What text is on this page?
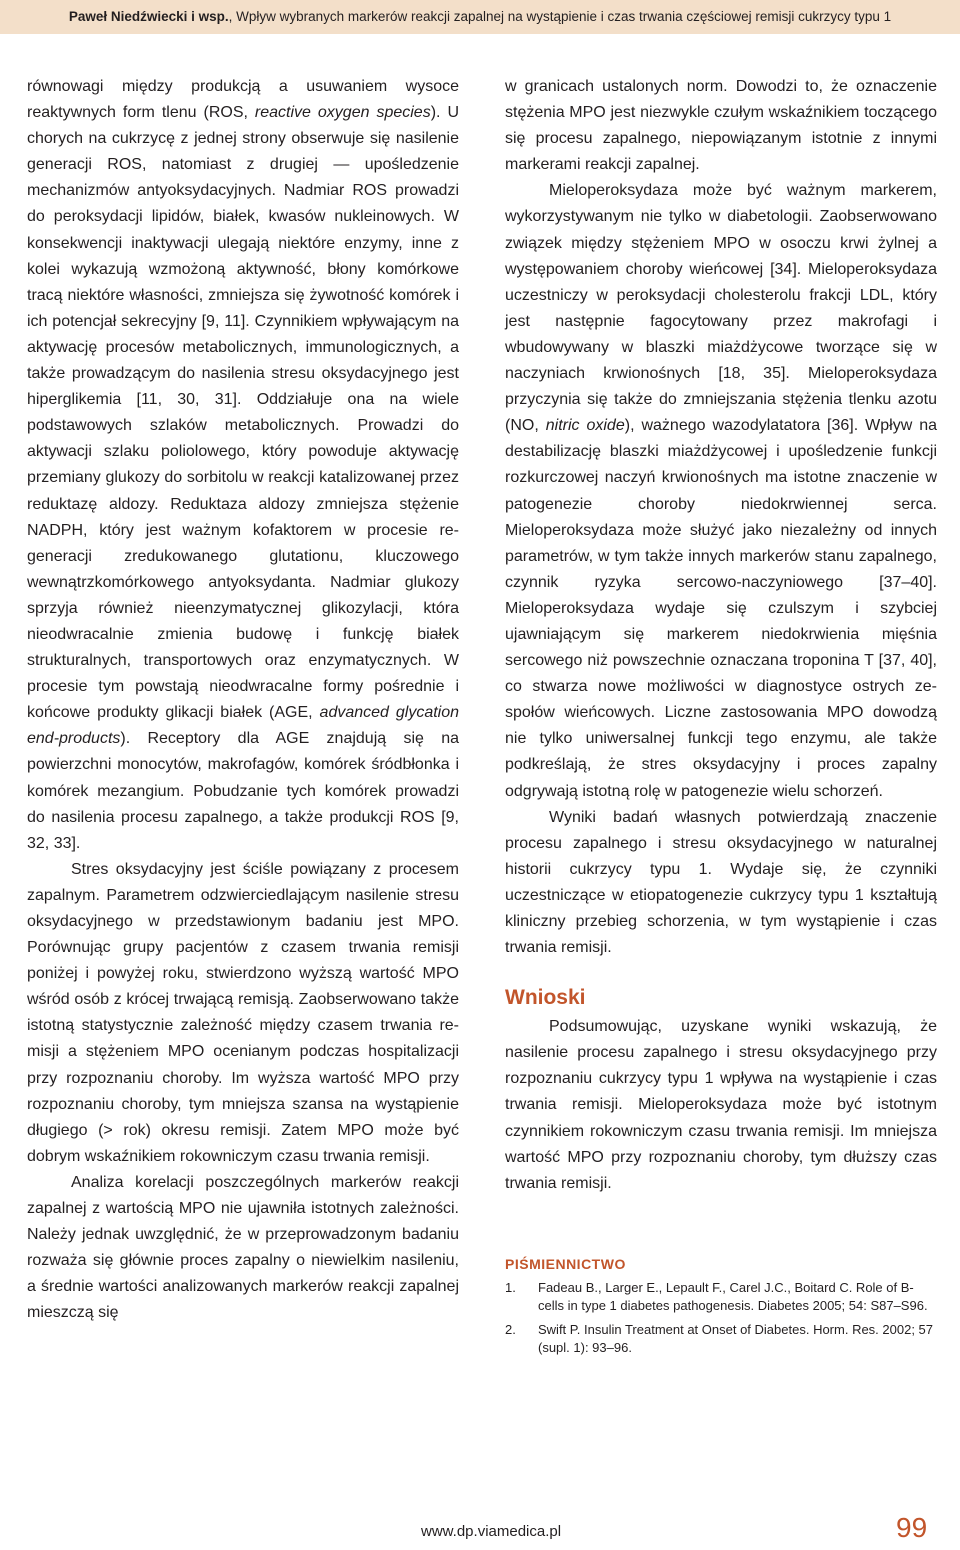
Paweł Niedźwiecki i wsp., Wpływ wybranych markerów reakcji zapalnej na wystąpienie i czas trwania częściowej remisji cukrzycy typu 1

równowagi między produkcją a usuwaniem wysoce reaktywnych form tlenu (ROS, reactive oxygen species). U chorych na cukrzycę z jednej strony obserwuje się nasilenie generacji ROS, natomiast z drugiej — upośledzenie mechanizmów antyoksydacyjnych. Nadmiar ROS prowadzi do peroksydacji lipidów, białek, kwasów nukleinowych. W konsekwencji inaktywacji ulegają niektóre enzymy, inne z kolei wykazują wzmożoną aktywność, błony komórkowe tracą niektóre własności, zmniejsza się żywotność komórek i ich potencjał sekrecyjny [9, 11]. Czynnikiem wpływającym na aktywację procesów metabolicznych, immunologicznych, a także prowadzącym do nasilenia stresu oksydacyjnego jest hiperglikemia [11, 30, 31]. Oddziałuje ona na wiele podstawowych szlaków metabolicznych. Prowadzi do aktywacji szlaku poliolowego, który powoduje aktywację przemiany glukozy do sorbitolu w reakcji katalizowanej przez reduktazę aldozy. Reduktaza aldozy zmniejsza stężenie NADPH, który jest ważnym kofaktorem w procesie regeneracji zredukowanego glutationu, kluczowego wewnątrzkomórkowego antyoksydanta. Nadmiar glukozy sprzyja również nieenzymatycznej glikozylacji, która nieodwracalnie zmienia budowę i funkcję białek strukturalnych, transportowych oraz enzymatycznych. W procesie tym powstają nieodwracalne formy pośrednie i końcowe produkty glikacji białek (AGE, advanced glycation end-products). Receptory dla AGE znajdują się na powierzchni monocytów, makrofagów, komórek śródbłonka i komórek mezangium. Pobudzanie tych komórek prowadzi do nasilenia procesu zapalnego, a także produkcji ROS [9, 32, 33].

Stres oksydacyjny jest ściśle powiązany z procesem zapalnym. Parametrem odzwierciedlającym nasilenie stresu oksydacyjnego w przedstawionym badaniu jest MPO. Porównując grupy pacjentów z czasem trwania remisji poniżej i powyżej roku, stwierdzono wyższą wartość MPO wśród osób z krócej trwającą remisją. Zaobserwowano także istotną statystycznie zależność między czasem trwania remisji a stężeniem MPO ocenianym podczas hospitalizacji przy rozpoznaniu choroby. Im wyższa wartość MPO przy rozpoznaniu choroby, tym mniejsza szansa na wystąpienie długiego (> rok) okresu remisji. Zatem MPO może być dobrym wskaźnikiem rokowniczym czasu trwania remisji.

Analiza korelacji poszczególnych markerów reakcji zapalnej z wartością MPO nie ujawniła istotnych zależności. Należy jednak uwzględnić, że w przeprowadzonym badaniu rozważa się głównie proces zapalny o niewielkim nasileniu, a średnie wartości analizowanych markerów reakcji zapalnej mieszczą się

w granicach ustalonych norm. Dowodzi to, że oznaczenie stężenia MPO jest niezwykle czułym wskaźnikiem toczącego się procesu zapalnego, niepowiązanym istotnie z innymi markerami reakcji zapalnej.

Mieloperoksydaza może być ważnym markerem, wykorzystywanym nie tylko w diabetologii. Zaobserwowano związek między stężeniem MPO w osoczu krwi żylnej a występowaniem choroby wieńcowej [34]. Mieloperoksydaza uczestniczy w peroksydacji cholesterolu frakcji LDL, który jest następnie fagocytowany przez makrofagi i wbudowywany w blaszki miażdżycowe tworzące się w naczyniach krwionośnych [18, 35]. Mieloperoksydaza przyczynia się także do zmniejszania stężenia tlenku azotu (NO, nitric oxide), ważnego wazodylatatora [36]. Wpływ na destabilizację blaszki miażdżycowej i upośledzenie funkcji rozkurczowej naczyń krwionośnych ma istotne znaczenie w patogenezie choroby niedokrwiennej serca. Mieloperoksydaza może służyć jako niezależny od innych parametrów, w tym także innych markerów stanu zapalnego, czynnik ryzyka sercowo-naczyniowego [37–40]. Mieloperoksydaza wydaje się czulszym i szybciej ujawniającym się markerem niedokrwienia mięśnia sercowego niż powszechnie oznaczana troponina T [37, 40], co stwarza nowe możliwości w diagnostyce ostrych zespołów wieńcowych. Liczne zastosowania MPO dowodzą nie tylko uniwersalnej funkcji tego enzymu, ale także podkreślają, że stres oksydacyjny i proces zapalny odgrywają istotną rolę w patogenezie wielu schorzeń.

Wyniki badań własnych potwierdzają znaczenie procesu zapalnego i stresu oksydacyjnego w naturalnej historii cukrzycy typu 1. Wydaje się, że czynniki uczestniczące w etiopatogenezie cukrzycy typu 1 kształtują kliniczny przebieg schorzenia, w tym wystąpienie i czas trwania remisji.

Wnioski

Podsumowując, uzyskane wyniki wskazują, że nasilenie procesu zapalnego i stresu oksydacyjnego przy rozpoznaniu cukrzycy typu 1 wpływa na wystąpienie i czas trwania remisji. Mieloperoksydaza może być istotnym czynnikiem rokowniczym czasu trwania remisji. Im mniejsza wartość MPO przy rozpoznaniu choroby, tym dłuższy czas trwania remisji.

PIŚMIENNICTWO
1. Fadeau B., Larger E., Lepault F., Carel J.C., Boitard C. Role of B-cells in type 1 diabetes pathogenesis. Diabetes 2005; 54: S87–S96.
2. Swift P. Insulin Treatment at Onset of Diabetes. Horm. Res. 2002; 57 (supl. 1): 93–96.
www.dp.viamedica.pl	99
